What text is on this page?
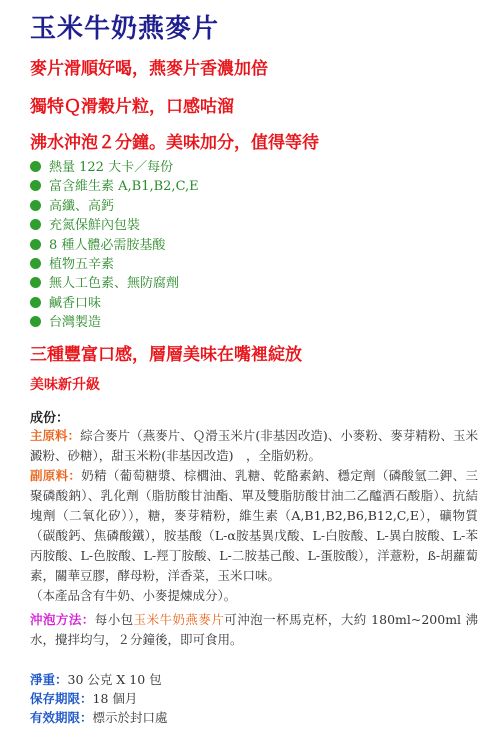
玉米牛奶燕麥片

麥片滑順好喝，燕麥片香濃加倍

獨特Ｑ滑穀片粒，口感咕溜

沸水沖泡２分鐘。美味加分，值得等待

熱量 122 大卡／每份
富含維生素 A,B1,B2,C,E
高纖、高鈣
充氮保鮮內包裝
8 種人體必需胺基酸
植物五辛素
無人工色素、無防腐劑
鹹香口味
台灣製造

三種豐富口感，層層美味在嘴裡綻放

美味新升級

成份：

主原料：綜合麥片（燕麥片、Ｑ滑玉米片(非基因改造)、小麥粉、麥芽精粉、玉米澱粉、砂糖），甜玉米粉(非基因改造)　，全脂奶粉。

副原料：奶精（葡萄糖漿、棕櫚油、乳糖、乾酪素鈉、穩定劑（磷酸氫二鉀、三聚磷酸鈉）、乳化劑（脂肪酸甘油酯、單及雙脂肪酸甘油二乙醯酒石酸脂）、抗結塊劑（二氧化矽）），糖，麥芽精粉，維生素（A,B1,B2,B6,B12,C,E），礦物質（碳酸鈣、焦磷酸鐵），胺基酸（L-α胺基異戊酸、L-白胺酸、L-異白胺酸、L-苯丙胺酸、L-色胺酸、L-羥丁胺酸、L-二胺基己酸、L-蛋胺酸），洋薏粉，ß-胡蘿蔔素，關華豆膠，酵母粉，洋香菜，玉米口味。
（本產品含有牛奶、小麥提煉成分）。

沖泡方法：每小包玉米牛奶燕麥片可沖泡一杯馬克杯，大約 180ml~200ml 沸水，攪拌均勻，２分鐘後，即可食用。

淨重：30 公克 X 10 包
保存期限：18 個月
有效期限：標示於封口處
